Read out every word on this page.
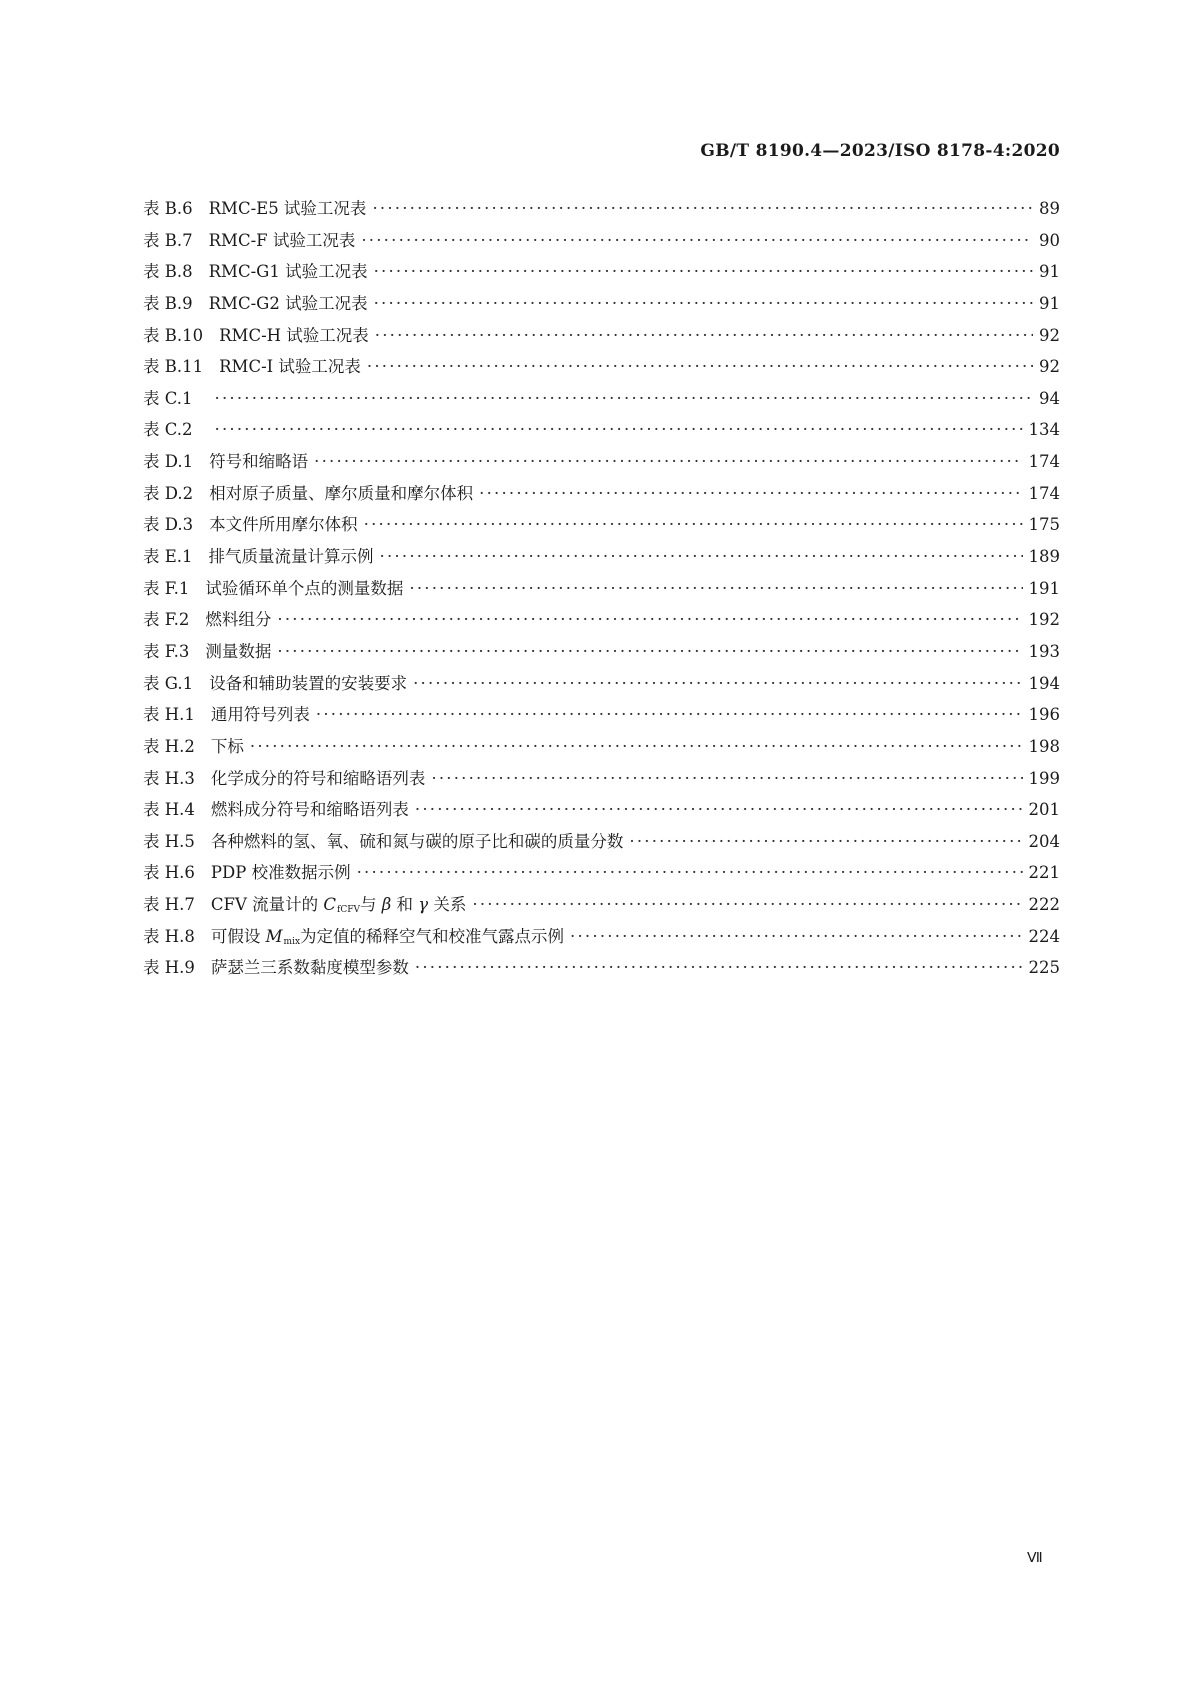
GB/T 8190.4—2023/ISO 8178-4:2020
表 B.6 RMC-E5 试验工况表 ·····	89
表 B.7 RMC-F 试验工况表 ·····	90
表 B.8 RMC-G1 试验工况表 ·····	91
表 B.9 RMC-G2 试验工况表 ·····	91
表 B.10 RMC-H 试验工况表 ·····	92
表 B.11 RMC-I 试验工况表 ·····	92
表 C.1 ·····	94
表 C.2 ·····	134
表 D.1 符号和缩略语 ·····	174
表 D.2 相对原子质量、摩尔质量和摩尔体积 ·····	174
表 D.3 本文件所用摩尔体积 ·····	175
表 E.1 排气质量流量计算示例 ·····	189
表 F.1 试验循环单个点的测量数据 ·····	191
表 F.2 燃料组分 ·····	192
表 F.3 测量数据 ·····	193
表 G.1 设备和辅助装置的安装要求 ·····	194
表 H.1 通用符号列表 ·····	196
表 H.2 下标 ·····	198
表 H.3 化学成分的符号和缩略语列表 ·····	199
表 H.4 燃料成分符号和缩略语列表 ·····	201
表 H.5 各种燃料的氢、氧、硫和氮与碳的原子比和碳的质量分数 ·····	204
表 H.6 PDP 校准数据示例 ·····	221
表 H.7 CFV 流量计的 $C_{fCFV}$与 β 和 γ 关系 ·····	222
表 H.8 可假设 $M_{mix}$为定值的稀释空气和校准气露点示例 ·····	224
表 H.9 萨瑟兰三系数黏度模型参数 ·····	225
Ⅶ
